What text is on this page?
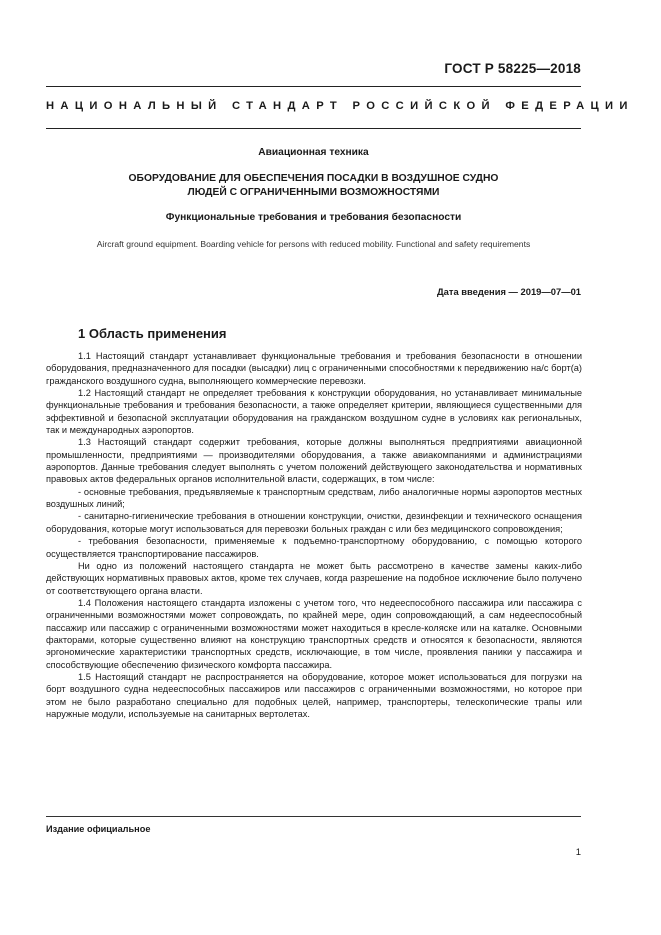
ГОСТ Р 58225—2018
НАЦИОНАЛЬНЫЙ СТАНДАРТ РОССИЙСКОЙ ФЕДЕРАЦИИ
Авиационная техника
ОБОРУДОВАНИЕ ДЛЯ ОБЕСПЕЧЕНИЯ ПОСАДКИ В ВОЗДУШНОЕ СУДНО
ЛЮДЕЙ С ОГРАНИЧЕННЫМИ ВОЗМОЖНОСТЯМИ
Функциональные требования и требования безопасности
Aircraft ground equipment. Boarding vehicle for persons with reduced mobility. Functional and safety requirements
Дата введения — 2019—07—01
1 Область применения

1.1 Настоящий стандарт устанавливает функциональные требования и требования безопасности в отношении оборудования, предназначенного для посадки (высадки) лиц с ограниченными способностями к передвижению на/с борт(а) гражданского воздушного судна, выполняющего коммерческие перевозки.

1.2 Настоящий стандарт не определяет требования к конструкции оборудования, но устанавливает минимальные функциональные требования и требования безопасности, а также определяет критерии, являющиеся существенными для эффективной и безопасной эксплуатации оборудования на гражданском воздушном судне в условиях как региональных, так и международных аэропортов.

1.3 Настоящий стандарт содержит требования, которые должны выполняться предприятиями авиационной промышленности, предприятиями — производителями оборудования, а также авиакомпаниями и администрациями аэропортов. Данные требования следует выполнять с учетом положений действующего законодательства и нормативных правовых актов федеральных органов исполнительной власти, содержащих, в том числе:

- основные требования, предъявляемые к транспортным средствам, либо аналогичные нормы аэропортов местных воздушных линий;

- санитарно-гигиенические требования в отношении конструкции, очистки, дезинфекции и технического оснащения оборудования, которые могут использоваться для перевозки больных граждан с или без медицинского сопровождения;

- требования безопасности, применяемые к подъемно-транспортному оборудованию, с помощью которого осуществляется транспортирование пассажиров.

Ни одно из положений настоящего стандарта не может быть рассмотрено в качестве замены каких-либо действующих нормативных правовых актов, кроме тех случаев, когда разрешение на подобное исключение было получено от соответствующего органа власти.

1.4 Положения настоящего стандарта изложены с учетом того, что недееспособного пассажира или пассажира с ограниченными возможностями может сопровождать, по крайней мере, один сопровождающий, а сам недееспособный пассажир или пассажир с ограниченными возможностями может находиться в кресле-коляске или на каталке. Основными факторами, которые существенно влияют на конструкцию транспортных средств и относятся к безопасности, являются эргономические характеристики транспортных средств, исключающие, в том числе, проявления паники у пассажира и способствующие обеспечению физического комфорта пассажира.

1.5 Настоящий стандарт не распространяется на оборудование, которое может использоваться для погрузки на борт воздушного судна недееспособных пассажиров или пассажиров с ограниченными возможностями, но которое при этом не было разработано специально для подобных целей, например, транспортеры, телескопические трапы или наружные модули, используемые на санитарных вертолетах.

Издание официальное
1
